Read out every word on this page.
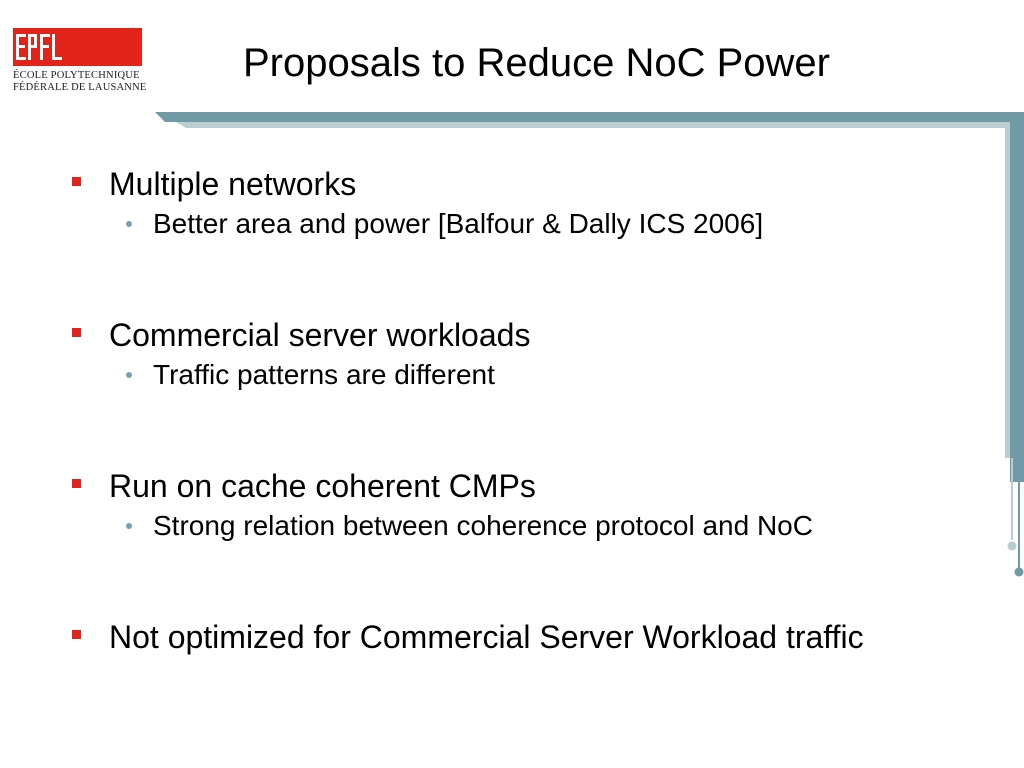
ÉCOLE POLYTECHNIQUE
FÉDÉRALE DE LAUSANNE
Proposals to Reduce NoC Power
Multiple networks
Better area and power [Balfour & Dally ICS 2006]
Commercial server workloads
Traffic patterns are different
Run on cache coherent CMPs
Strong relation between coherence protocol and NoC
Not optimized for Commercial Server Workload traffic
